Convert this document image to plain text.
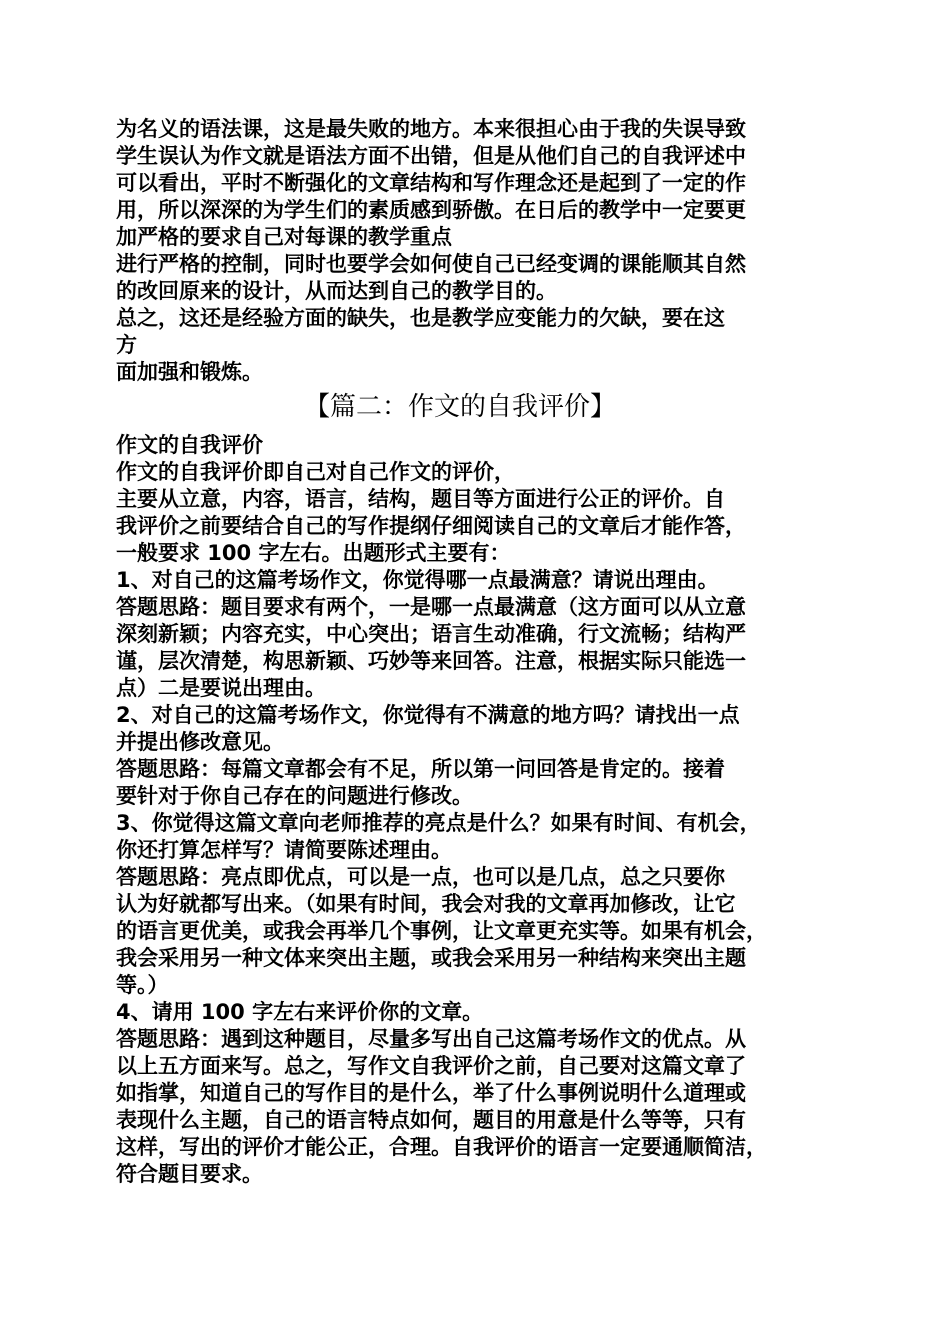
为名义的语法课，这是最失败的地方。本来很担心由于我的失误导致
学生误认为作文就是语法方面不出错，但是从他们自己的自我评述中
可以看出，平时不断强化的文章结构和写作理念还是起到了一定的作
用，所以深深的为学生们的素质感到骄傲。在日后的教学中一定要更
加严格的要求自己对每课的教学重点
进行严格的控制，同时也要学会如何使自己已经变调的课能顺其自然
的改回原来的设计，从而达到自己的教学目的。
总之，这还是经验方面的缺失，也是教学应变能力的欠缺，要在这
方
面加强和锻炼。
【篇二：作文的自我评价】
作文的自我评价
作文的自我评价即自己对自己作文的评价，
主要从立意，内容，语言，结构，题目等方面进行公正的评价。自
我评价之前要结合自己的写作提纲仔细阅读自己的文章后才能作答，
一般要求 100 字左右。出题形式主要有：
1、对自己的这篇考场作文，你觉得哪一点最满意？请说出理由。
答题思路：题目要求有两个，一是哪一点最满意（这方面可以从立意
深刻新颖；内容充实，中心突出；语言生动准确，行文流畅；结构严
谨，层次清楚，构思新颖、巧妙等来回答。注意，根据实际只能选一
点）二是要说出理由。
2、对自己的这篇考场作文，你觉得有不满意的地方吗？请找出一点
并提出修改意见。
答题思路：每篇文章都会有不足，所以第一问回答是肯定的。接着
要针对于你自己存在的问题进行修改。
3、你觉得这篇文章向老师推荐的亮点是什么？如果有时间、有机会，
你还打算怎样写？请简要陈述理由。
答题思路：亮点即优点，可以是一点，也可以是几点，总之只要你
认为好就都写出来。（如果有时间，我会对我的文章再加修改，让它
的语言更优美，或我会再举几个事例，让文章更充实等。如果有机会，
我会采用另一种文体来突出主题，或我会采用另一种结构来突出主题
等。）
4、请用 100 字左右来评价你的文章。
答题思路：遇到这种题目，尽量多写出自己这篇考场作文的优点。从
以上五方面来写。总之，写作文自我评价之前，自己要对这篇文章了
如指掌，知道自己的写作目的是什么，举了什么事例说明什么道理或
表现什么主题，自己的语言特点如何，题目的用意是什么等等，只有
这样，写出的评价才能公正，合理。自我评价的语言一定要通顺简洁，
符合题目要求。
